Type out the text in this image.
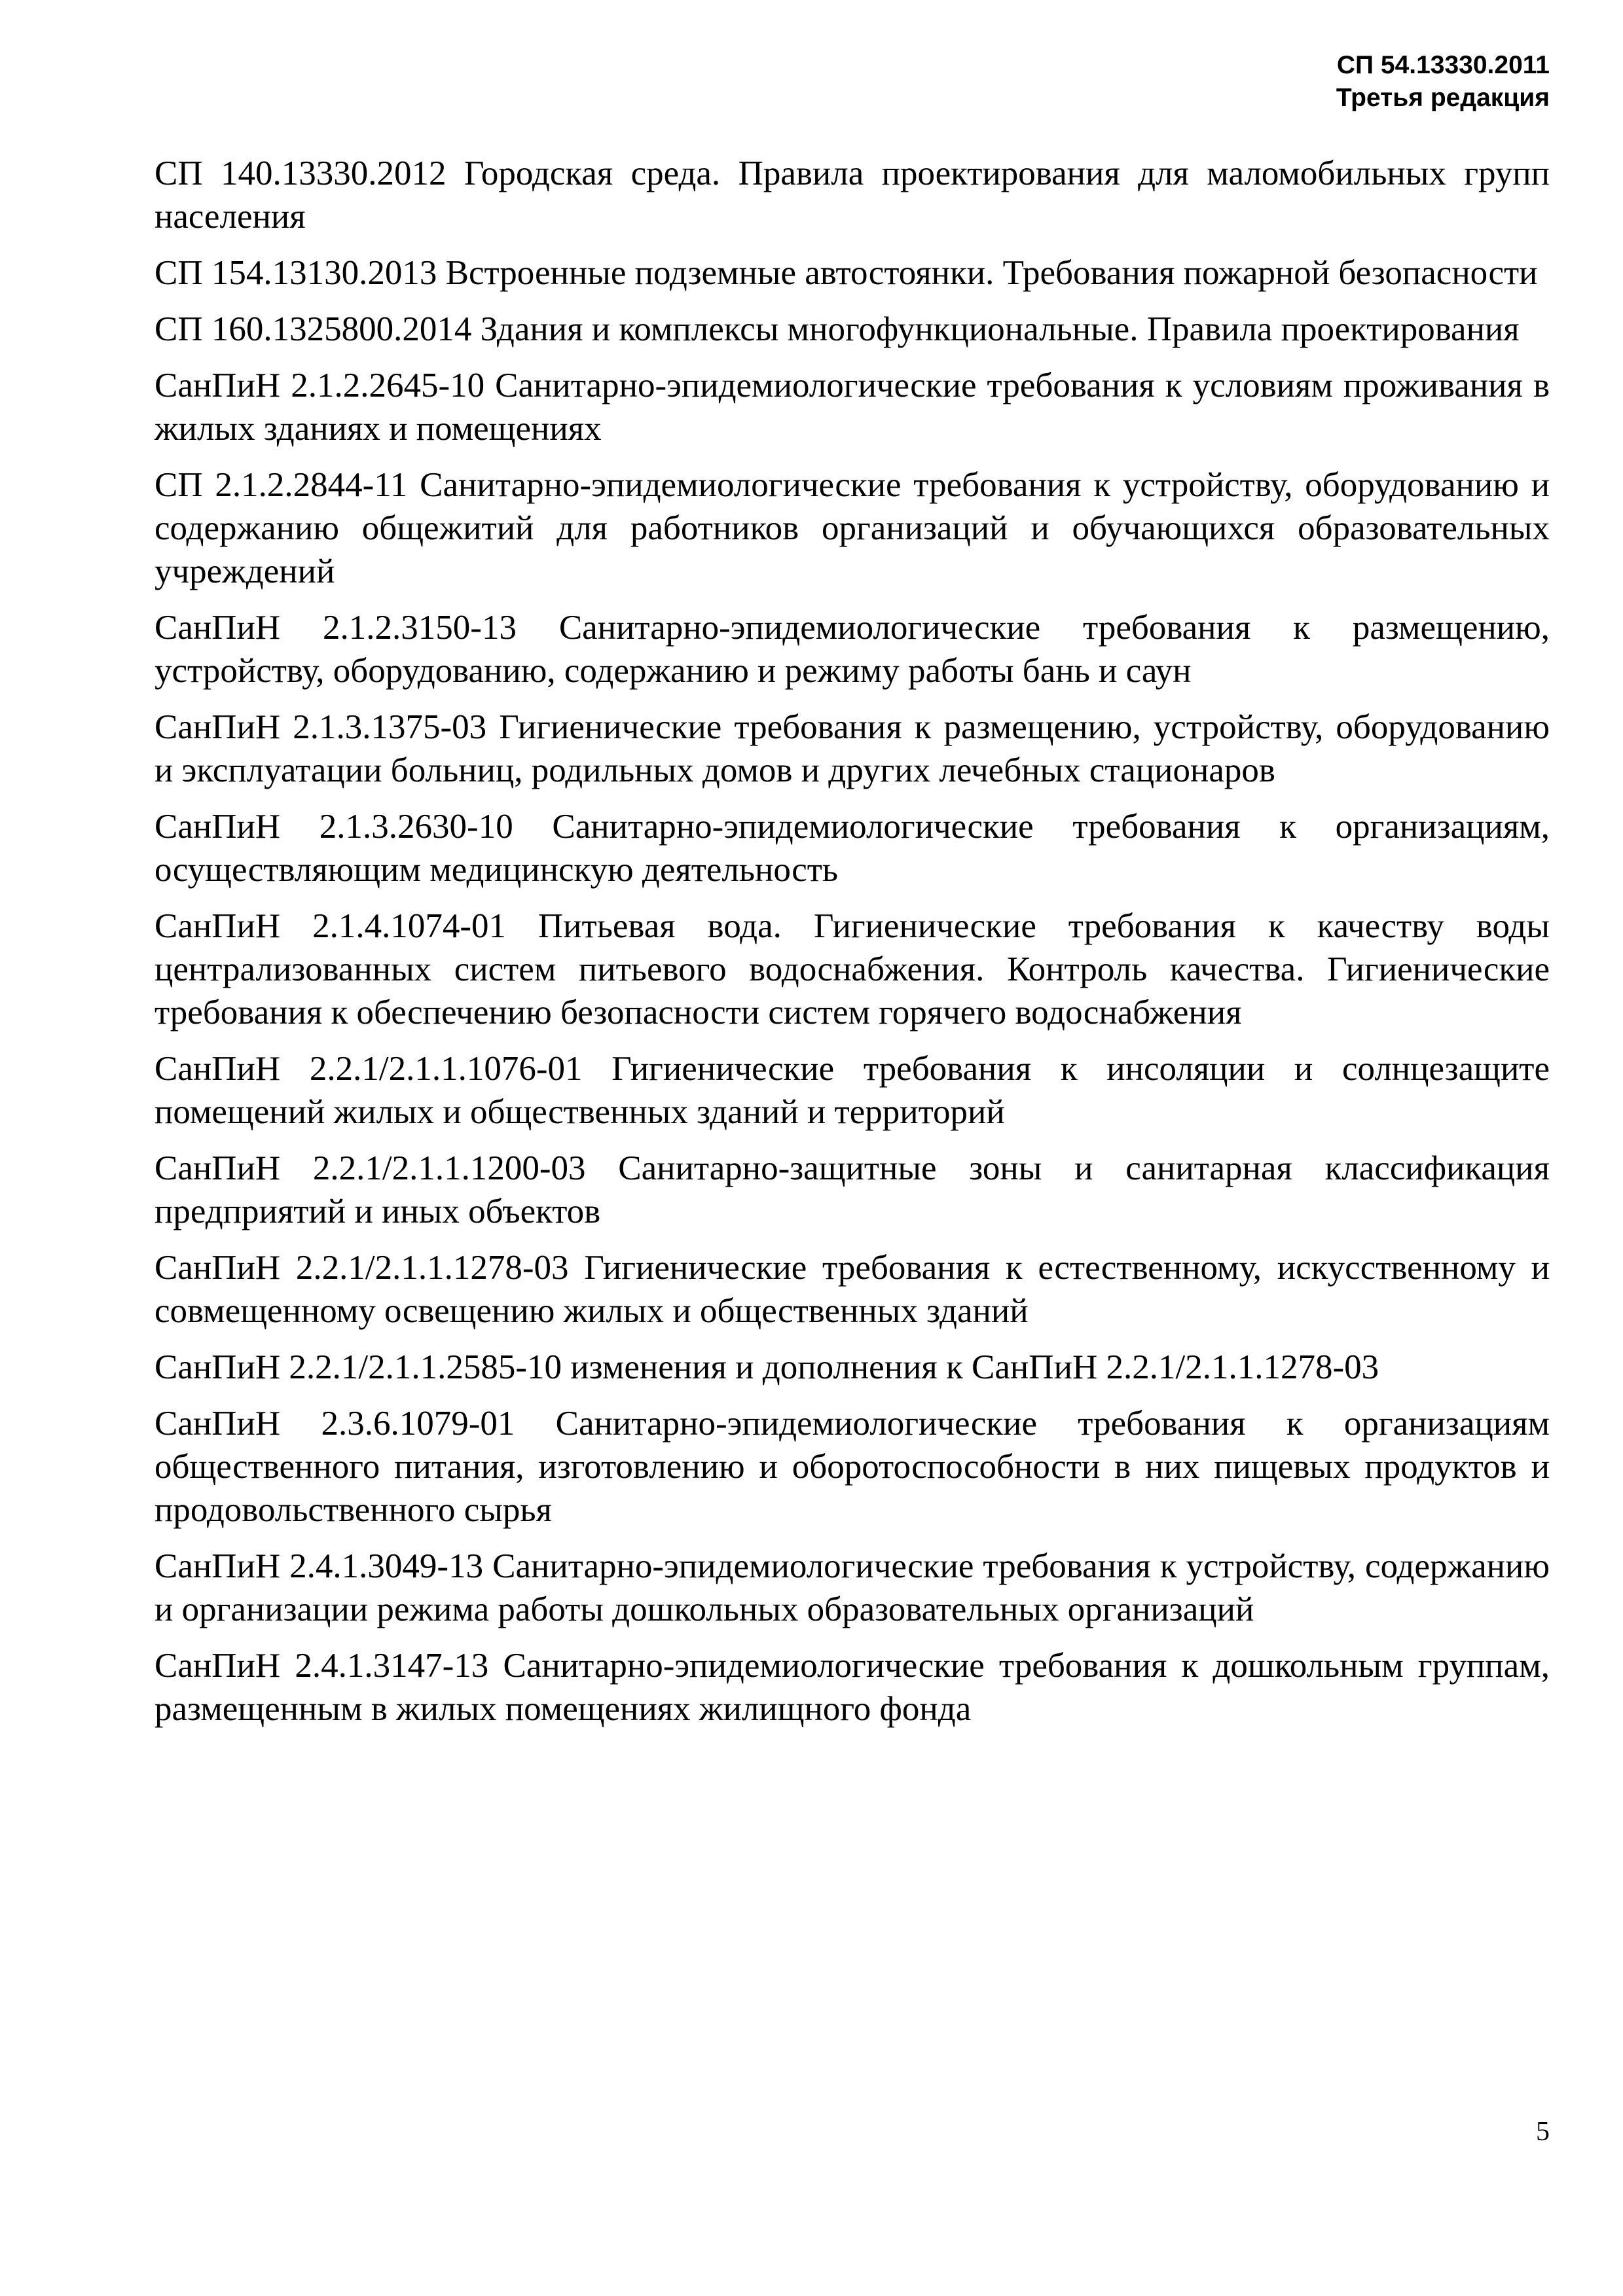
СП 54.13330.2011
Третья редакция

СП 140.13330.2012 Городская среда. Правила проектирования для маломобильных групп населения

СП 154.13130.2013 Встроенные подземные автостоянки. Требования пожарной безопасности

СП 160.1325800.2014 Здания и комплексы многофункциональные. Правила проектирования

СанПиН 2.1.2.2645-10 Санитарно-эпидемиологические требования к условиям проживания в жилых зданиях и помещениях

СП 2.1.2.2844-11 Санитарно-эпидемиологические требования к устройству, оборудованию и содержанию общежитий для работников организаций и обучающихся образовательных учреждений

СанПиН 2.1.2.3150-13 Санитарно-эпидемиологические требования к размещению, устройству, оборудованию, содержанию и режиму работы бань и саун

СанПиН 2.1.3.1375-03 Гигиенические требования к размещению, устройству, оборудованию и эксплуатации больниц, родильных домов и других лечебных стационаров

СанПиН 2.1.3.2630-10 Санитарно-эпидемиологические требования к организациям, осуществляющим медицинскую деятельность

СанПиН 2.1.4.1074-01 Питьевая вода. Гигиенические требования к качеству воды централизованных систем питьевого водоснабжения. Контроль качества. Гигиенические требования к обеспечению безопасности систем горячего водоснабжения

СанПиН 2.2.1/2.1.1.1076-01 Гигиенические требования к инсоляции и солнцезащите помещений жилых и общественных зданий и территорий

СанПиН 2.2.1/2.1.1.1200-03 Санитарно-защитные зоны и санитарная классификация предприятий и иных объектов

СанПиН 2.2.1/2.1.1.1278-03 Гигиенические требования к естественному, искусственному и совмещенному освещению жилых и общественных зданий

СанПиН 2.2.1/2.1.1.2585-10 изменения и дополнения к СанПиН 2.2.1/2.1.1.1278-03

СанПиН 2.3.6.1079-01 Санитарно-эпидемиологические требования к организациям общественного питания, изготовлению и оборотоспособности в них пищевых продуктов и продовольственного сырья

СанПиН 2.4.1.3049-13 Санитарно-эпидемиологические требования к устройству, содержанию и организации режима работы дошкольных образовательных организаций

СанПиН 2.4.1.3147-13 Санитарно-эпидемиологические требования к дошкольным группам, размещенным в жилых помещениях жилищного фонда

5
